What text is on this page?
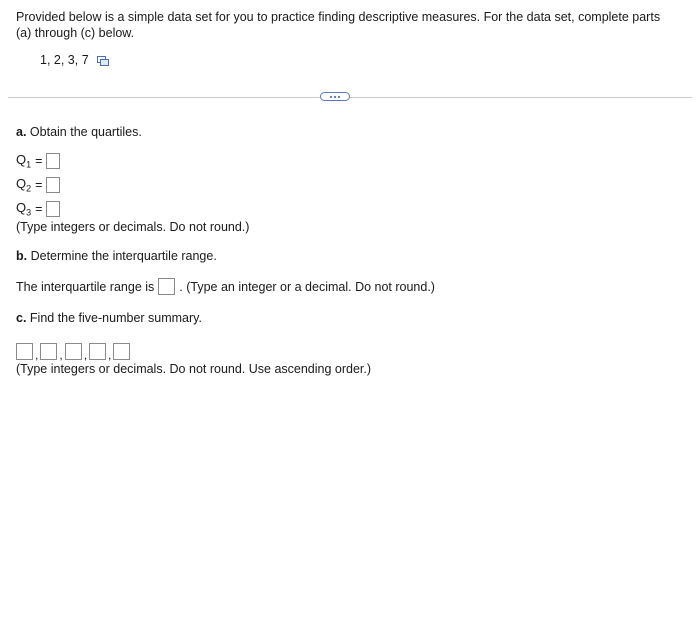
Provided below is a simple data set for you to practice finding descriptive measures. For the data set, complete parts (a) through (c) below.
1, 2, 3, 7
a. Obtain the quartiles.
$Q_1$ =
$Q_2$ =
$Q_3$ =
(Type integers or decimals. Do not round.)
b. Determine the interquartile range.
The interquartile range is . (Type an integer or a decimal. Do not round.)
c. Find the five-number summary.
, , , ,
(Type integers or decimals. Do not round. Use ascending order.)
